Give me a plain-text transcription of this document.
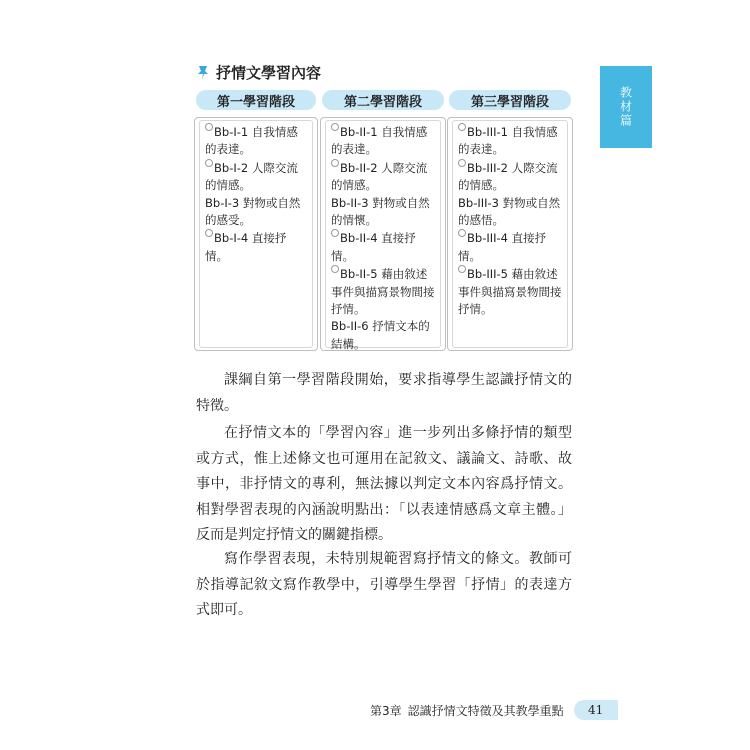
抒情文學習內容
教材篇
第一學習階段	第二學習階段	第三學習階段

Bb-I-1 自我情感的表達。

Bb-I-2 人際交流的情感。

Bb-I-3 對物或自然的感受。

Bb-I-4 直接抒情。

Bb-II-1 自我情感的表達。

Bb-II-2 人際交流的情感。

Bb-II-3 對物或自然的情懷。

Bb-II-4 直接抒情。

Bb-II-5 藉由敘述事件與描寫景物間接抒情。

Bb-II-6 抒情文本的結構。

Bb-III-1 自我情感的表達。

Bb-III-2 人際交流的情感。

Bb-III-3 對物或自然的感悟。

Bb-III-4 直接抒情。

Bb-III-5 藉由敘述事件與描寫景物間接抒情。

課綱自第一學習階段開始，要求指導學生認識抒情文的特徵。

在抒情文本的「學習內容」進一步列出多條抒情的類型或方式，惟上述條文也可運用在記敘文、議論文、詩歌、故事中，非抒情文的專利，無法據以判定文本內容爲抒情文。相對學習表現的內涵說明點出：「以表達情感爲文章主體。」反而是判定抒情文的關鍵指標。

寫作學習表現，未特別規範習寫抒情文的條文。教師可於指導記敘文寫作教學中，引導學生學習「抒情」的表達方式即可。

第3章 認識抒情文特徵及其教學重點	41
